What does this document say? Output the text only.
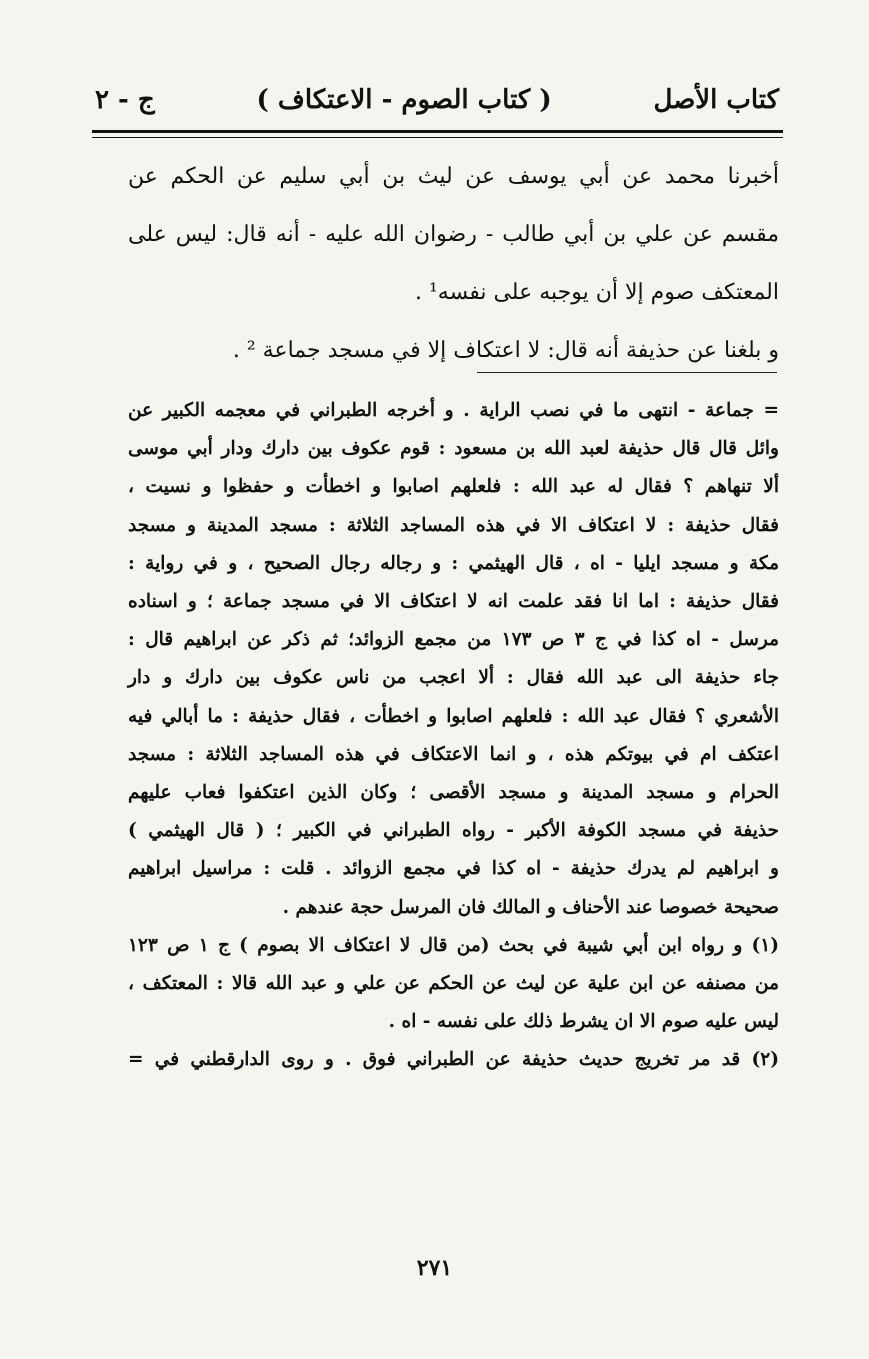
كتاب الأصل
( كتاب الصوم - الاعتكاف )
ج - ٢

أخبرنا محمد عن أبي يوسف عن ليث بن أبي سليم عن الحكم عن

مقسم عن علي بن أبي طالب - رضوان الله عليه - أنه قال: ليس على

المعتكف صوم إلا أن يوجبه على نفسه¹ .

و بلغنا عن حذيفة أنه قال: لا اعتكاف إلا في مسجد جماعة ² .

= جماعة - انتهى ما في نصب الراية . و أخرجه الطبراني في معجمه الكبير عن

وائل قال قال حذيفة لعبد الله بن مسعود : قوم عكوف بين دارك ودار أبي موسى

ألا تنهاهم ؟ فقال له عبد الله : فلعلهم اصابوا و اخطأت و حفظوا و نسيت ،

فقال حذيفة : لا اعتكاف الا في هذه المساجد الثلاثة : مسجد المدينة و مسجد

مكة و مسجد ايليا - اه ، قال الهيثمي : و رجاله رجال الصحيح ، و في رواية :

فقال حذيفة : اما انا فقد علمت انه لا اعتكاف الا في مسجد جماعة ؛ و اسناده

مرسل - اه كذا في ج ٣ ص ١٧٣ من مجمع الزوائد؛ ثم ذكر عن ابراهيم قال :

جاء حذيفة الى عبد الله فقال : ألا اعجب من ناس عكوف بين دارك و دار

الأشعري ؟ فقال عبد الله : فلعلهم اصابوا و اخطأت ، فقال حذيفة : ما أبالي فيه

اعتكف ام في بيوتكم هذه ، و انما الاعتكاف في هذه المساجد الثلاثة : مسجد

الحرام و مسجد المدينة و مسجد الأقصى ؛ وكان الذين اعتكفوا فعاب عليهم

حذيفة في مسجد الكوفة الأكبر - رواه الطبراني في الكبير ؛ ( قال الهيثمي )

و ابراهيم لم يدرك حذيفة - اه كذا في مجمع الزوائد . قلت : مراسيل ابراهيم

صحيحة خصوصا عند الأحناف و المالك فان المرسل حجة عندهم .

(١) و رواه ابن أبي شيبة في بحث (من قال لا اعتكاف الا بصوم ) ج ١ ص ١٢٣

من مصنفه عن ابن علية عن ليث عن الحكم عن علي و عبد الله قالا : المعتكف ،

ليس عليه صوم الا ان يشرط ذلك على نفسه - اه .

(٢) قد مر تخريج حديث حذيفة عن الطبراني فوق . و روى الدارقطني في =

٢٧١
